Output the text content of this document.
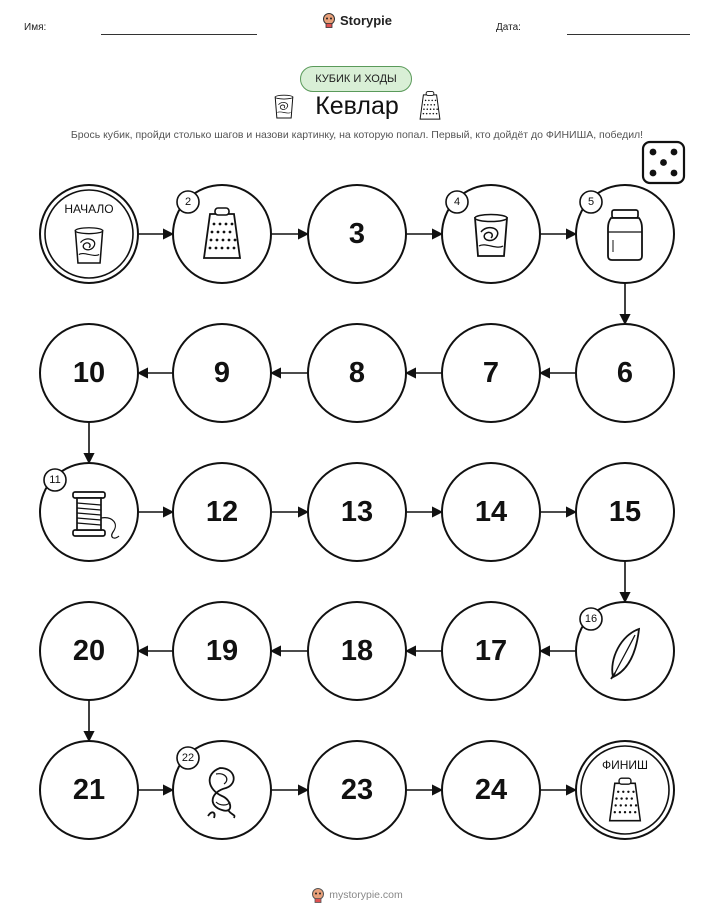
Имя:	Storypie	Дата:
КУБИК И ХОДЫ
Кевлар
Брось кубик, пройди столько шагов и назови картинку, на которую попал. Первый, кто дойдёт до ФИНИША, победил!
НАЧАЛО	2
3
4	5
6
7
8
9
10
11
12	13	14	15
16
17
18
19
20
21
22
23	24
ФИНИШ
mystorypie.com
